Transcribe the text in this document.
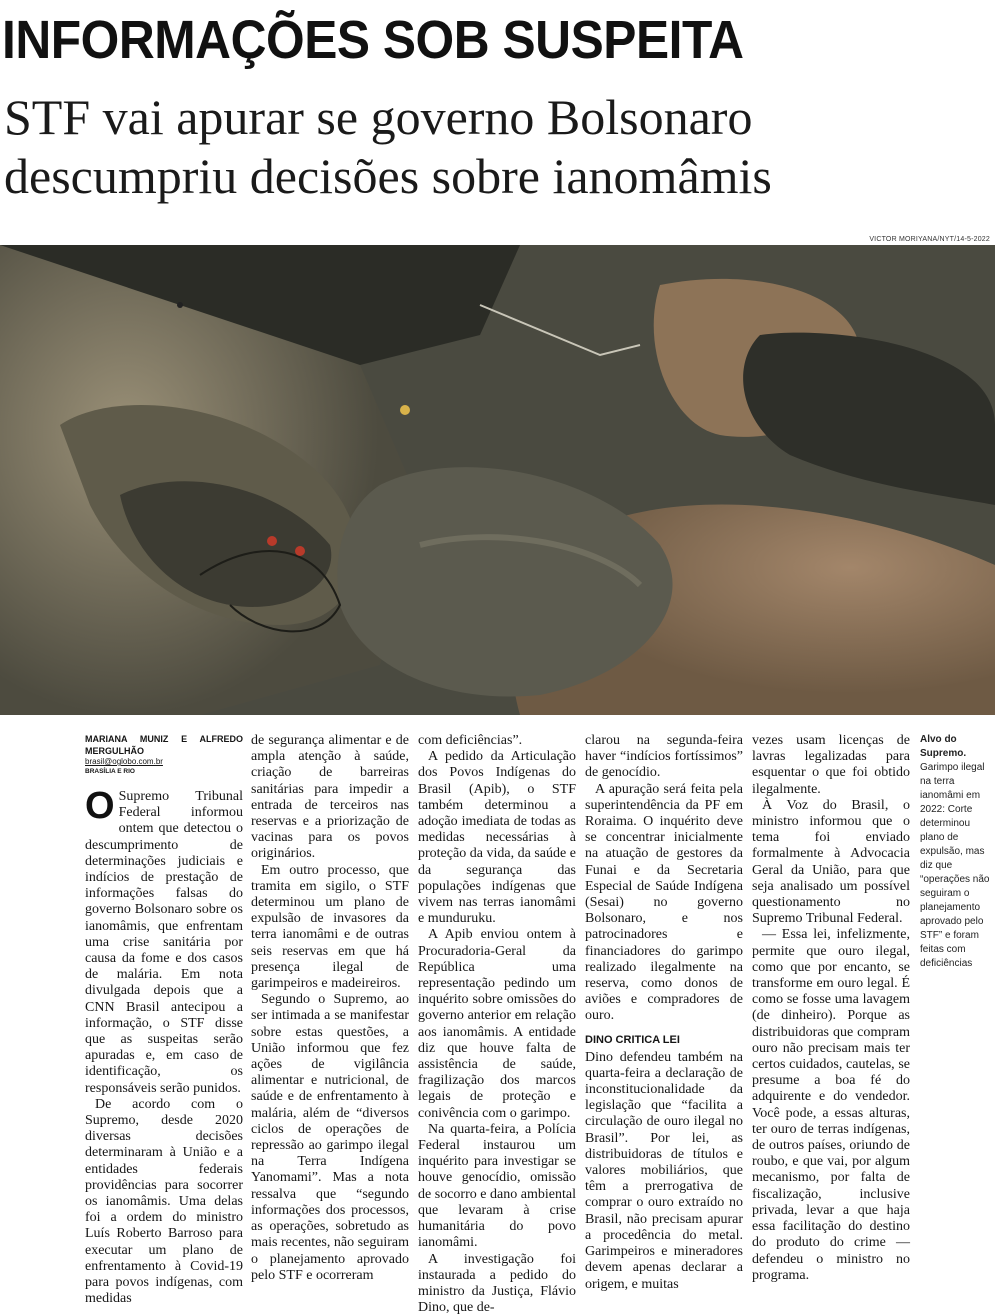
INFORMAÇÕES SOB SUSPEITA
STF vai apurar se governo Bolsonaro
descumpriu decisões sobre ianomâmis
VICTOR MORIYANA/NYT/14-5-2022
MARIANA MUNIZ E ALFREDO MERGULHÃO
brasil@oglobo.com.br
BRASÍLIA E RIO

O Supremo Tribunal Federal informou ontem que detectou o descumprimento de determinações judiciais e indícios de prestação de informações falsas do governo Bolsonaro sobre os ianomâmis, que enfrentam uma crise sanitária por causa da fome e dos casos de malária. Em nota divulgada depois que a CNN Brasil antecipou a informação, o STF disse que as suspeitas serão apuradas e, em caso de identificação, os responsáveis serão punidos.

De acordo com o Supremo, desde 2020 diversas decisões determinaram à União e a entidades federais providências para socorrer os ianomâmis. Uma delas foi a ordem do ministro Luís Roberto Barroso para executar um plano de enfrentamento à Covid-19 para povos indígenas, com medidas

de segurança alimentar e de ampla atenção à saúde, criação de barreiras sanitárias para impedir a entrada de terceiros nas reservas e a priorização de vacinas para os povos originários.

Em outro processo, que tramita em sigilo, o STF determinou um plano de expulsão de invasores da terra ianomâmi e de outras seis reservas em que há presença ilegal de garimpeiros e madeireiros.

Segundo o Supremo, ao ser intimada a se manifestar sobre estas questões, a União informou que fez ações de vigilância alimentar e nutricional, de saúde e de enfrentamento à malária, além de “diversos ciclos de operações de repressão ao garimpo ilegal na Terra Indígena Yanomami”. Mas a nota ressalva que “segundo informações dos processos, as operações, sobretudo as mais recentes, não seguiram o planejamento aprovado pelo STF e ocorreram

com deficiências”.

A pedido da Articulação dos Povos Indígenas do Brasil (Apib), o STF também determinou a adoção imediata de todas as medidas necessárias à proteção da vida, da saúde e da segurança das populações indígenas que vivem nas terras ianomâmi e munduruku.

A Apib enviou ontem à Procuradoria-Geral da República uma representação pedindo um inquérito sobre omissões do governo anterior em relação aos ianomâmis. A entidade diz que houve falta de assistência de saúde, fragilização dos marcos legais de proteção e conivência com o garimpo.

Na quarta-feira, a Polícia Federal instaurou um inquérito para investigar se houve genocídio, omissão de socorro e dano ambiental que levaram à crise humanitária do povo ianomâmi.

A investigação foi instaurada a pedido do ministro da Justiça, Flávio Dino, que de-

clarou na segunda-feira haver “indícios fortíssimos” de genocídio.

A apuração será feita pela superintendência da PF em Roraima. O inquérito deve se concentrar inicialmente na atuação de gestores da Funai e da Secretaria Especial de Saúde Indígena (Sesai) no governo Bolsonaro, e nos patrocinadores e financiadores do garimpo realizado ilegalmente na reserva, como donos de aviões e compradores de ouro.

DINO CRITICA LEI

Dino defendeu também na quarta-feira a declaração de inconstitucionalidade da legislação que “facilita a circulação de ouro ilegal no Brasil”. Por lei, as distribuidoras de títulos e valores mobiliários, que têm a prerrogativa de comprar o ouro extraído no Brasil, não precisam apurar a procedência do metal. Garimpeiros e mineradores devem apenas declarar a origem, e muitas

vezes usam licenças de lavras legalizadas para esquentar o que foi obtido ilegalmente.

À Voz do Brasil, o ministro informou que o tema foi enviado formalmente à Advocacia Geral da União, para que seja analisado um possível questionamento no Supremo Tribunal Federal.

— Essa lei, infelizmente, permite que ouro ilegal, como que por encanto, se transforme em ouro legal. É como se fosse uma lavagem (de dinheiro). Porque as distribuidoras que compram ouro não precisam mais ter certos cuidados, cautelas, se presume a boa fé do adquirente e do vendedor. Você pode, a essas alturas, ter ouro de terras indígenas, de outros países, oriundo de roubo, e que vai, por algum mecanismo, por falta de fiscalização, inclusive privada, levar a que haja essa facilitação do destino do produto do crime — defendeu o ministro no programa.

Alvo do Supremo.
Garimpo ilegal na terra ianomâmi em 2022: Corte determinou plano de expulsão, mas diz que “operações não seguiram o planejamento aprovado pelo STF” e foram feitas com deficiências
